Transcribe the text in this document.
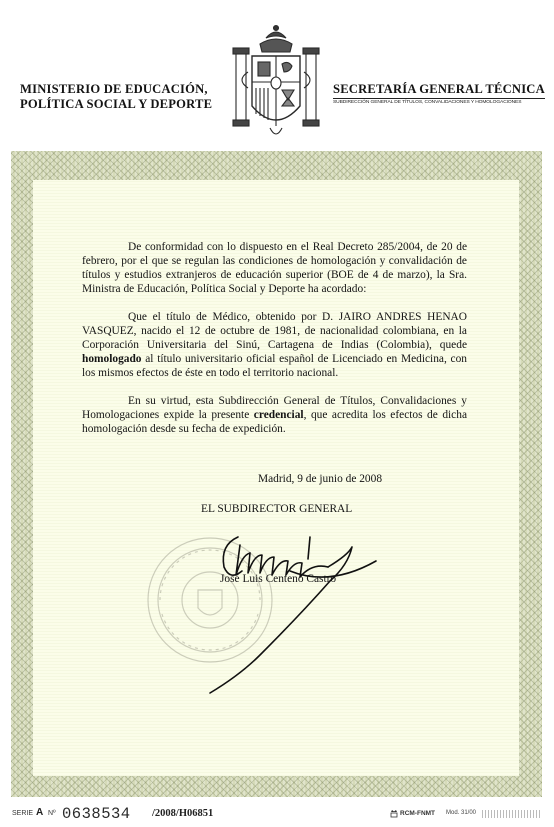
MINISTERIO DE EDUCACIÓN,
POLÍTICA SOCIAL Y DEPORTE
SECRETARÍA GENERAL TÉCNICA
SUBDIRECCIÓN GENERAL DE TÍTULOS, CONVALIDACIONES Y HOMOLOGACIONES

De conformidad con lo dispuesto en el Real Decreto 285/2004, de 20 de febrero, por el que se regulan las condiciones de homologación y convalidación de títulos y estudios extranjeros de educación superior (BOE de 4 de marzo), la Sra. Ministra de Educación, Política Social y Deporte ha acordado:

Que el título de Médico, obtenido por D. JAIRO ANDRES HENAO VASQUEZ, nacido el 12 de octubre de 1981, de nacionalidad colombiana, en la Corporación Universitaria del Sinú, Cartagena de Indias (Colombia), quede homologado al título universitario oficial español de Licenciado en Medicina, con los mismos efectos de éste en todo el territorio nacional.

En su virtud, esta Subdirección General de Títulos, Convalidaciones y Homologaciones expide la presente credencial, que acredita los efectos de dicha homologación desde su fecha de expedición.

Madrid, 9 de junio de 2008
EL SUBDIRECTOR GENERAL
José Luis Centeno Castro
SERIE A Nº 0638534 /2008/H06851	RCM-FNMT Mod. 31/00
